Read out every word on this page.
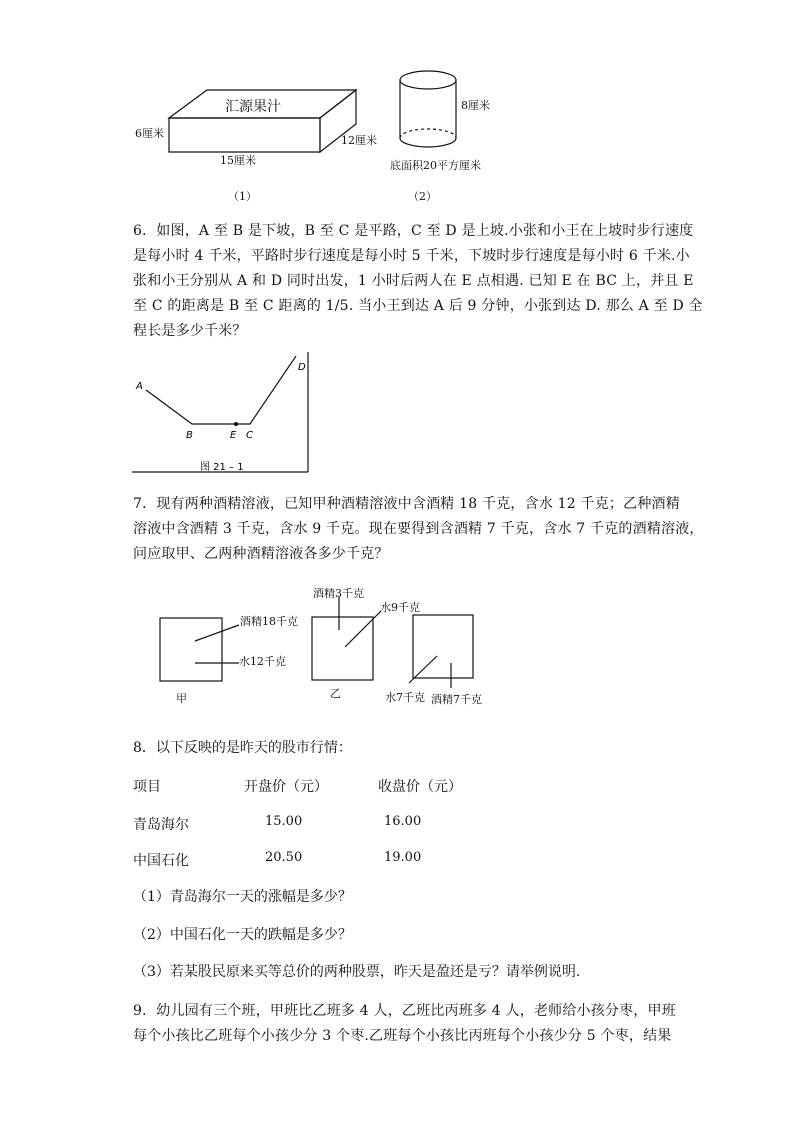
汇源果汁
6厘米
15厘米
12厘米
8厘米
底面积20平方厘米
（1）	（2）
6．如图，A 至 B 是下坡，B 至 C 是平路，C 至 D 是上坡.小张和小王在上坡时步行速度
是每小时 4 千米，平路时步行速度是每小时 5 千米，下坡时步行速度是每小时 6 千米.小
张和小王分别从 A 和 D 同时出发，1 小时后两人在 E 点相遇. 已知 E 在 BC 上，并且 E
至 C 的距离是 B 至 C 距离的 1/5. 当小王到达 A 后 9 分钟，小张到达 D. 那么 A 至 D 全
程长是多少千米？
A
B	E C
D
图 21 – 1
7．现有两种酒精溶液，已知甲种酒精溶液中含酒精 18 千克，含水 12 千克；乙种酒精
溶液中含酒精 3 千克，含水 9 千克。现在要得到含酒精 7 千克，含水 7 千克的酒精溶液，
问应取甲、乙两种酒精溶液各多少千克？
酒精18千克
水12千克
甲
酒精3千克
水9千克
乙	水7千克 酒精7千克
8．以下反映的是昨天的股市行情：
项目	开盘价（元）	收盘价（元）
青岛海尔	15.00	16.00
中国石化	20.50	19.00
（1）青岛海尔一天的涨幅是多少？
（2）中国石化一天的跌幅是多少？
（3）若某股民原来买等总价的两种股票，昨天是盈还是亏？请举例说明.
9．幼儿园有三个班，甲班比乙班多 4 人，乙班比丙班多 4 人，老师给小孩分枣，甲班
每个小孩比乙班每个小孩少分 3 个枣.乙班每个小孩比丙班每个小孩少分 5 个枣，结果
